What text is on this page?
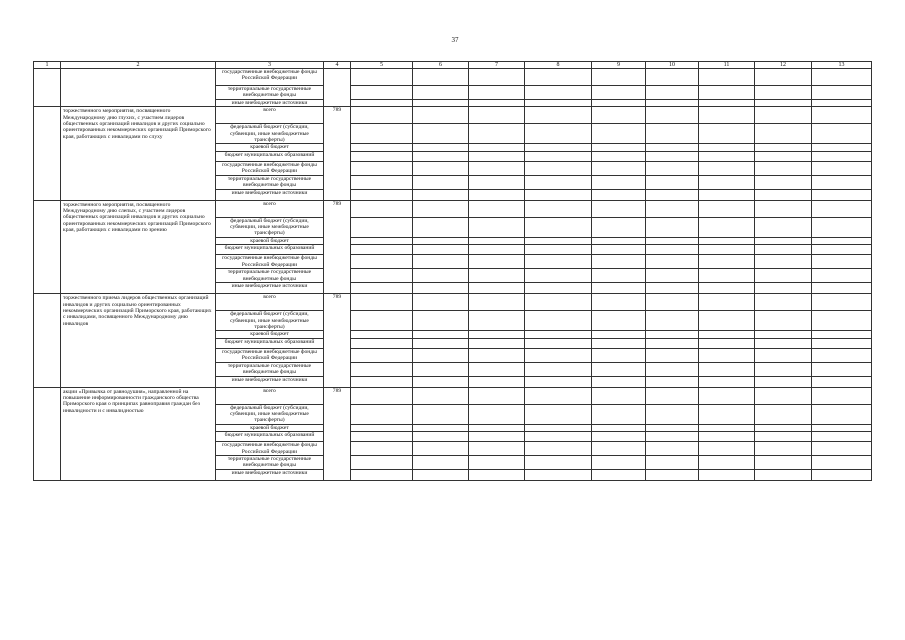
37
1	2	3	4	5	6	7	8	9	10	11	12	13
		государственные внебюджетные фонды Российской Федерации										
		территориальные государственные внебюджетные фонды										
		иные внебюджетные источники										
	торжественного мероприятия, посвященного Международному дню глухих, с участием лидеров общественных организаций инвалидов и других социально ориентированных некоммерческих организаций Приморского края, работающих с инвалидами по слуху	всего	789									
		федеральный бюджет (субсидии, субвенции, иные межбюджетные трансферты)										
		краевой бюджет										
		бюджет муниципальных образований										
		государственные внебюджетные фонды Российской Федерации										
		территориальные государственные внебюджетные фонды										
		иные внебюджетные источники										
	торжественного мероприятия, посвященного Международному дню слепых, с участием лидеров общественных организаций инвалидов и других социально ориентированных некоммерческих организаций Приморского края, работающих с инвалидами по зрению	всего	789									
		федеральный бюджет (субсидии, субвенции, иные межбюджетные трансферты)										
		краевой бюджет										
		бюджет муниципальных образований										
		государственные внебюджетные фонды Российской Федерации										
		территориальные государственные внебюджетные фонды										
		иные внебюджетные источники										
	торжественного приема лидеров общественных организаций инвалидов и других социально ориентированных некоммерческих организаций Приморского края, работающих с инвалидами, посвященного Международному дню инвалидов	всего	789									
		федеральный бюджет (субсидии, субвенции, иные межбюджетные трансферты)										
		краевой бюджет										
		бюджет муниципальных образований										
		государственные внебюджетные фонды Российской Федерации										
		территориальные государственные внебюджетные фонды										
		иные внебюджетные источники										
	акции «Привычка от равнодушия», направленной на повышение информированности гражданского общества Приморского края о принципах равноправия граждан без инвалидности и с инвалидностью	всего	789									
		федеральный бюджет (субсидии, субвенции, иные межбюджетные трансферты)										
		краевой бюджет										
		бюджет муниципальных образований										
		государственные внебюджетные фонды Российской Федерации										
		территориальные государственные внебюджетные фонды										
		иные внебюджетные источники										
